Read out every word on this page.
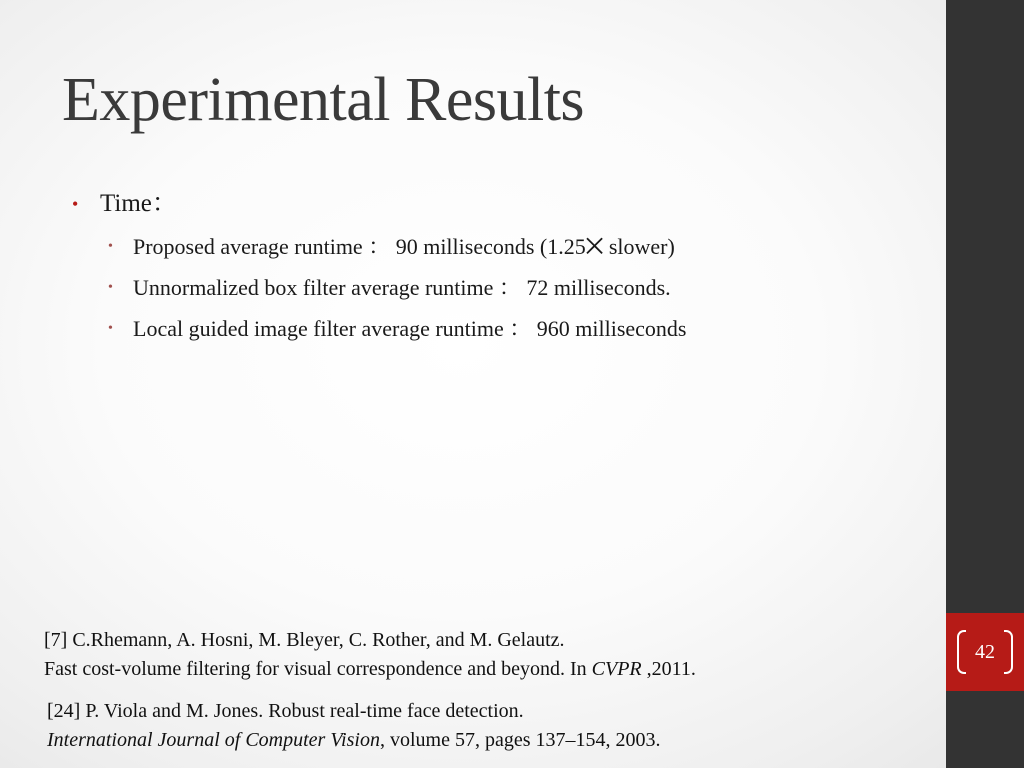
Experimental Results
• Time：
• Proposed average runtime ： 90 milliseconds (1.25⨉ slower)
• Unnormalized box filter average runtime ： 72 milliseconds.
• Local guided image filter average runtime ： 960 milliseconds
[7] C.Rhemann, A. Hosni, M. Bleyer, C. Rother, and M. Gelautz.
Fast cost-volume filtering for visual correspondence and beyond. In CVPR ,2011.
[24] P. Viola and M. Jones. Robust real-time face detection.
International Journal of Computer Vision, volume 57, pages 137–154, 2003.
42
